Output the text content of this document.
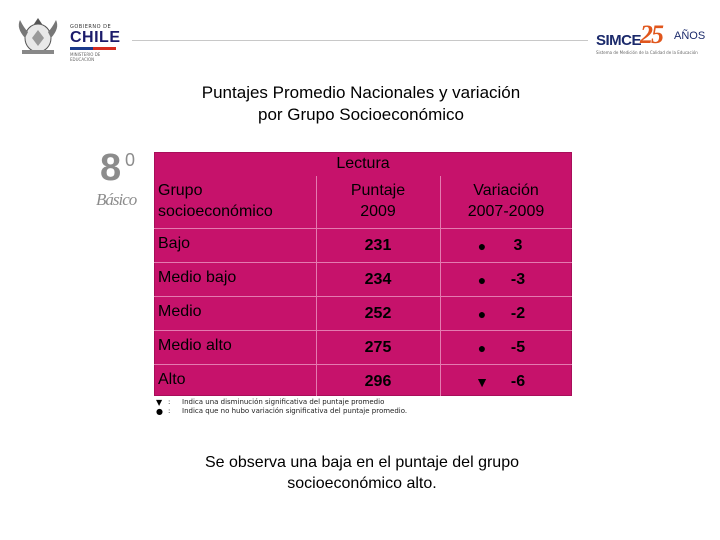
GOBIERNO DE
CHILE
MINISTERIO DE EDUCACION
SIMCE
25 AÑOS
Sistema de Medición de la Calidad de la Educación
Puntajes Promedio Nacionales y variación
por Grupo Socioeconómico
8 0
Básico
Lectura
Grupo
socioeconómico
Puntaje
2009
Variación
2007-2009
Bajo	231	●	3
Medio bajo	234	●	-3
Medio	252	●	-2
Medio alto	275	●	-5
Alto	296	▼	-6
▼ :	Indica una disminución significativa del puntaje promedio
● :	Indica que no hubo variación significativa del puntaje promedio.
Se observa una baja en el puntaje del grupo
socioeconómico alto.
